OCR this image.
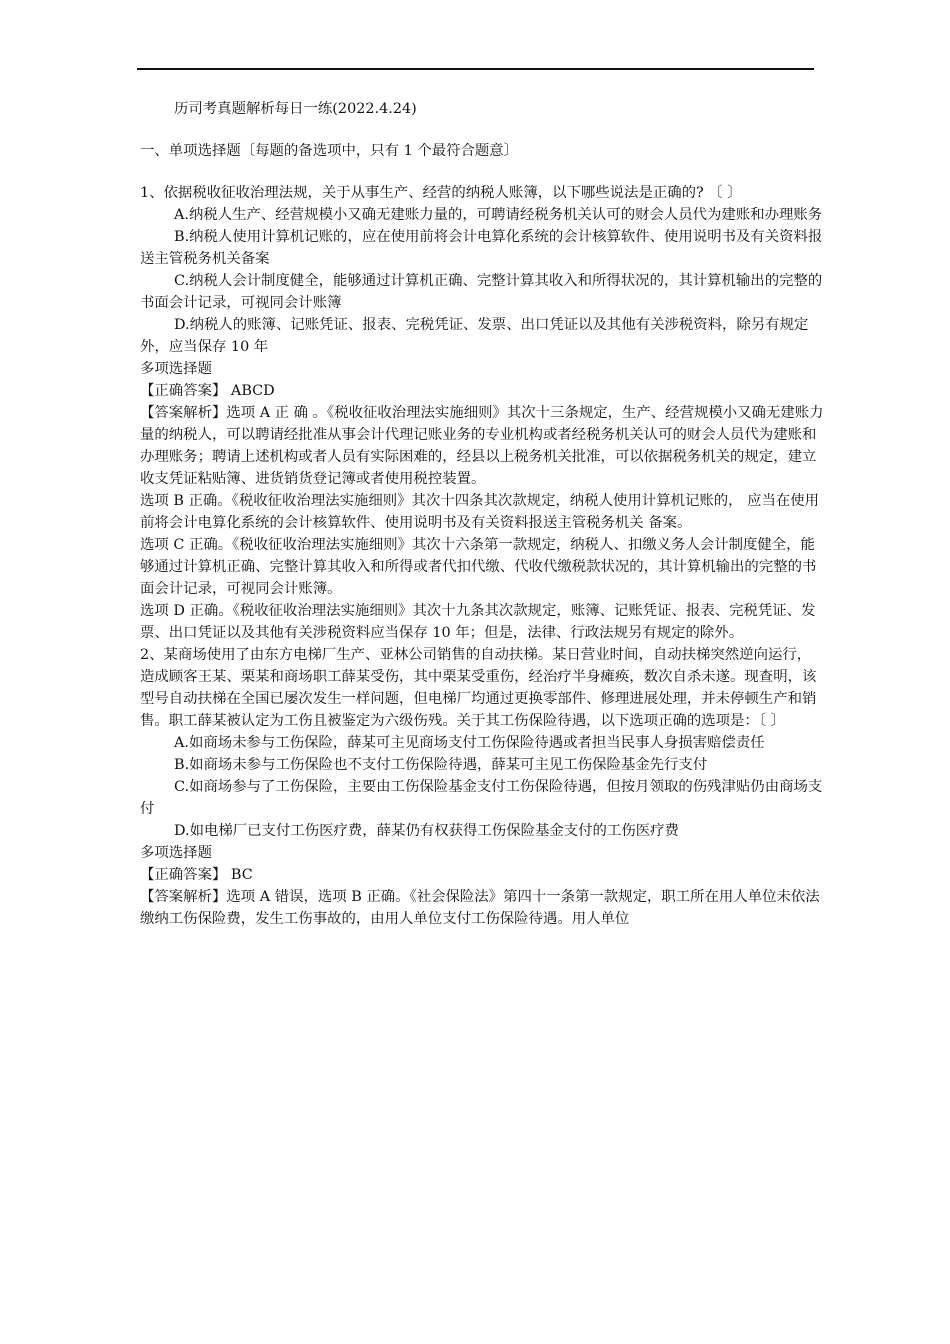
历司考真题解析每日一练(2022.4.24)

一、单项选择题〔每题的备选项中，只有 1 个最符合题意〕

1、依据税收征收治理法规，关于从事生产、经营的纳税人账簿，以下哪些说法是正确的? 〔 〕

A.纳税人生产、经营规模小又确无建账力量的，可聘请经税务机关认可的财会人员代为建账和办理账务

B.纳税人使用计算机记账的，应在使用前将会计电算化系统的会计核算软件、使用说明书及有关资料报送主管税务机关备案

C.纳税人会计制度健全，能够通过计算机正确、完整计算其收入和所得状况的，其计算机输出的完整的书面会计记录，可视同会计账簿

D.纳税人的账簿、记账凭证、报表、完税凭证、发票、出口凭证以及其他有关涉税资料，除另有规定外，应当保存 10 年

多项选择题

【正确答案】 ABCD

【答案解析】选项 A 正 确 。《税收征收治理法实施细则》其次十三条规定，生产、经营规模小又确无建账力量的纳税人，可以聘请经批准从事会计代理记账业务的专业机构或者经税务机关认可的财会人员代为建账和办理账务；聘请上述机构或者人员有实际困难的，经县以上税务机关批准，可以依据税务机关的规定，建立收支凭证粘贴簿、进货销货登记簿或者使用税控装置。

选项 B 正确。《税收征收治理法实施细则》其次十四条其次款规定，纳税人使用计算机记账的， 应当在使用前将会计电算化系统的会计核算软件、使用说明书及有关资料报送主管税务机关 备案。

选项 C 正确。《税收征收治理法实施细则》其次十六条第一款规定，纳税人、扣缴义务人会计制度健全，能够通过计算机正确、完整计算其收入和所得或者代扣代缴、代收代缴税款状况的，其计算机输出的完整的书面会计记录，可视同会计账簿。

选项 D 正确。《税收征收治理法实施细则》其次十九条其次款规定，账簿、记账凭证、报表、完税凭证、发票、出口凭证以及其他有关涉税资料应当保存 10 年；但是，法律、行政法规另有规定的除外。

2、某商场使用了由东方电梯厂生产、亚林公司销售的自动扶梯。某日营业时间，自动扶梯突然逆向运行，造成顾客王某、栗某和商场职工薛某受伤，其中栗某受重伤，经治疗半身瘫痪，数次自杀未遂。现查明，该型号自动扶梯在全国已屡次发生一样问题，但电梯厂均通过更换零部件、修理进展处理，并未停顿生产和销售。职工薛某被认定为工伤且被鉴定为六级伤残。关于其工伤保险待遇，以下选项正确的选项是：〔 〕

A.如商场未参与工伤保险，薛某可主见商场支付工伤保险待遇或者担当民事人身损害赔偿责任

B.如商场未参与工伤保险也不支付工伤保险待遇，薛某可主见工伤保险基金先行支付

C.如商场参与了工伤保险，主要由工伤保险基金支付工伤保险待遇，但按月领取的伤残津贴仍由商场支付

D.如电梯厂已支付工伤医疗费，薛某仍有权获得工伤保险基金支付的工伤医疗费

多项选择题

【正确答案】 BC

【答案解析】选项 A 错误，选项 B 正确。《社会保险法》第四十一条第一款规定，职工所在用人单位未依法缴纳工伤保险费，发生工伤事故的，由用人单位支付工伤保险待遇。用人单位
